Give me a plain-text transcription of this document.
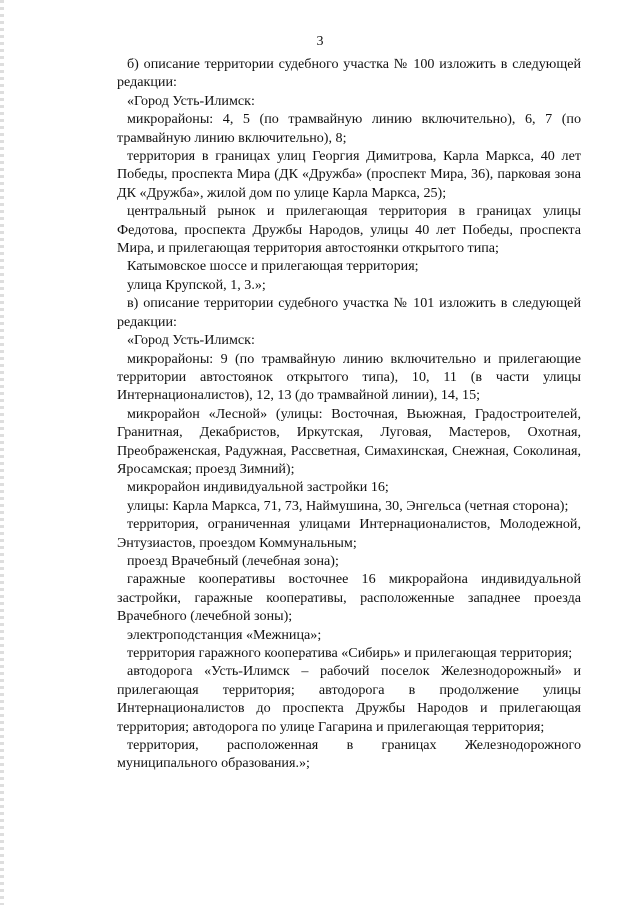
3

б) описание территории судебного участка № 100 изложить в следующей редакции:

«Город Усть-Илимск:

микрорайоны: 4, 5 (по трамвайную линию включительно), 6, 7 (по трамвайную линию включительно), 8;

территория в границах улиц Георгия Димитрова, Карла Маркса, 40 лет Победы, проспекта Мира (ДК «Дружба» (проспект Мира, 36), парковая зона ДК «Дружба», жилой дом по улице Карла Маркса, 25);

центральный рынок и прилегающая территория в границах улицы Федотова, проспекта Дружбы Народов, улицы 40 лет Победы, проспекта Мира, и прилегающая территория автостоянки открытого типа;

Катымовское шоссе и прилегающая территория;

улица Крупской, 1, 3.»;

в) описание территории судебного участка № 101 изложить в следующей редакции:

«Город Усть-Илимск:

микрорайоны: 9 (по трамвайную линию включительно и прилегающие территории автостоянок открытого типа), 10, 11 (в части улицы Интернационалистов), 12, 13 (до трамвайной линии), 14, 15;

микрорайон «Лесной» (улицы: Восточная, Вьюжная, Градостроителей, Гранитная, Декабристов, Иркутская, Луговая, Мастеров, Охотная, Преображенская, Радужная, Рассветная, Симахинская, Снежная, Соколиная, Яросамская; проезд Зимний);

микрорайон индивидуальной застройки 16;

улицы: Карла Маркса, 71, 73, Наймушина, 30, Энгельса (четная сторона);

территория, ограниченная улицами Интернационалистов, Молодежной, Энтузиастов, проездом Коммунальным;

проезд Врачебный (лечебная зона);

гаражные кооперативы восточнее 16 микрорайона индивидуальной застройки, гаражные кооперативы, расположенные западнее проезда Врачебного (лечебной зоны);

электроподстанция «Межница»;

территория гаражного кооператива «Сибирь» и прилегающая территория;

автодорога «Усть-Илимск – рабочий поселок Железнодорожный» и прилегающая территория; автодорога в продолжение улицы Интернационалистов до проспекта Дружбы Народов и прилегающая территория; автодорога по улице Гагарина и прилегающая территория;

территория, расположенная в границах Железнодорожного муниципального образования.»;
